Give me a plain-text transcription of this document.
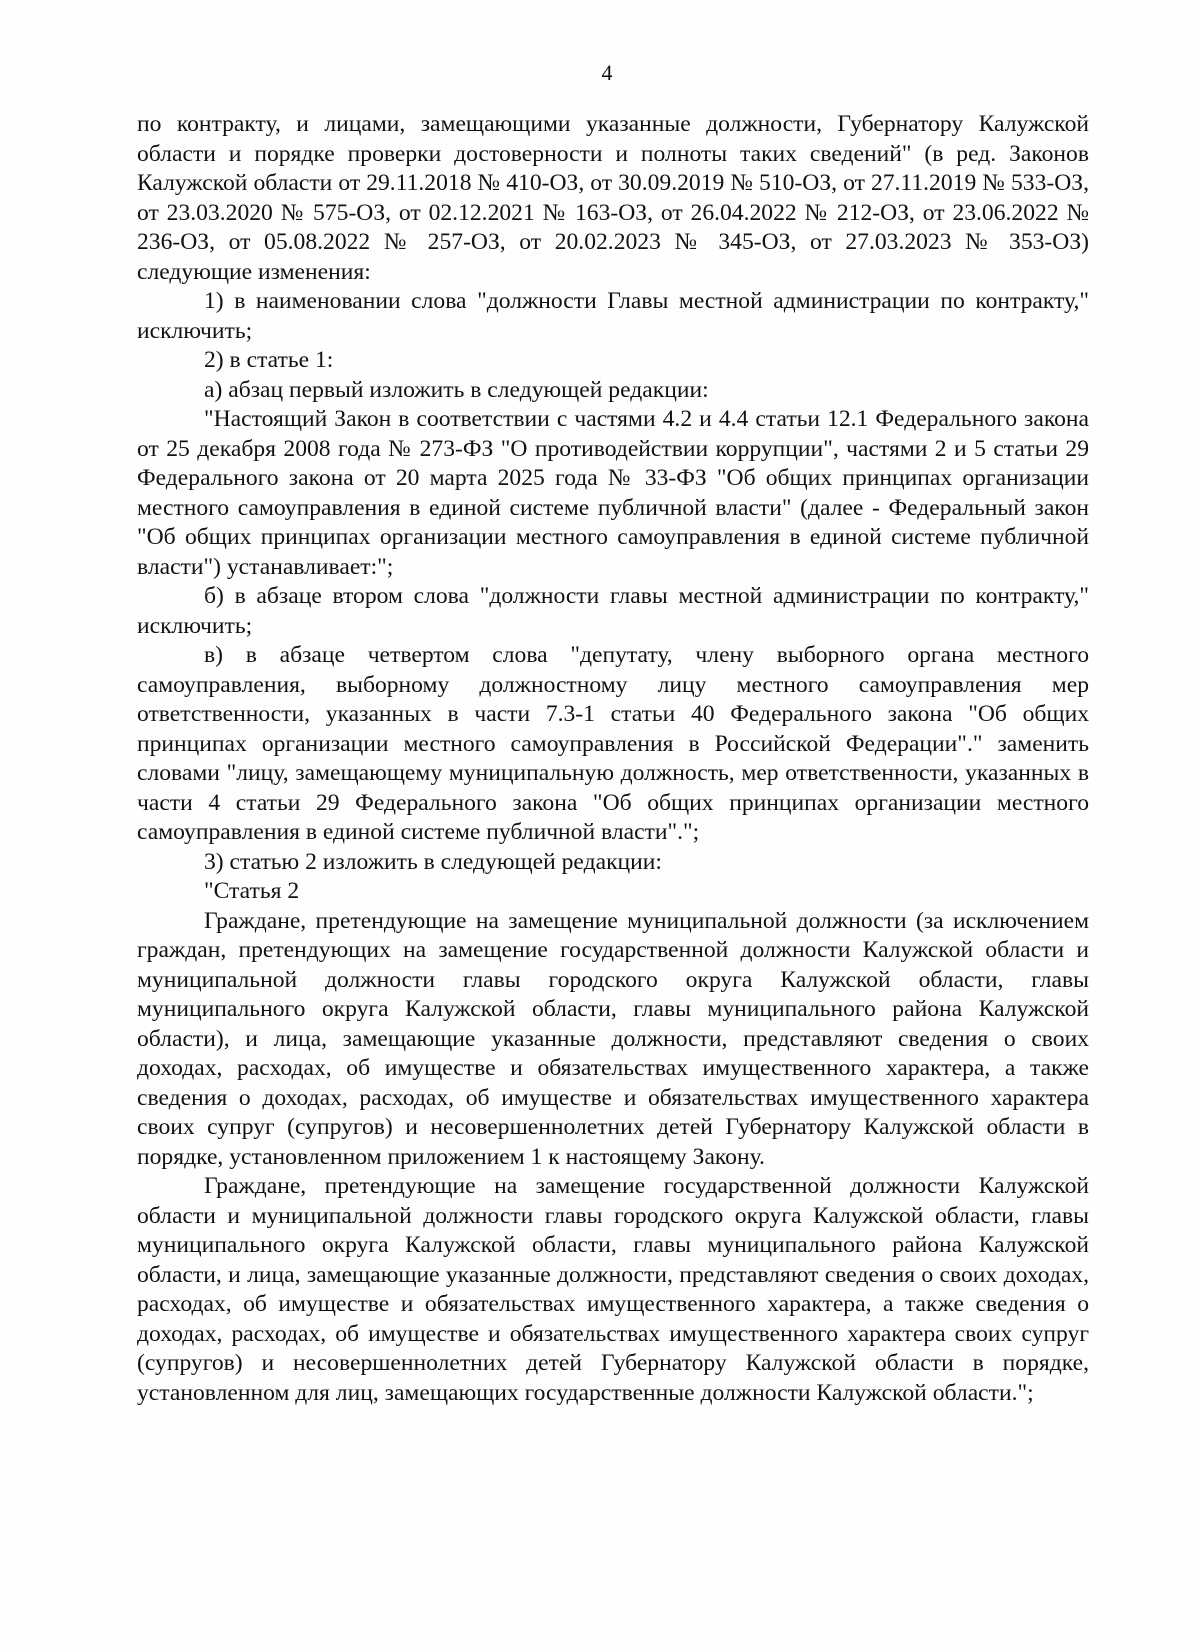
4

по контракту, и лицами, замещающими указанные должности, Губернатору Калужской области и порядке проверки достоверности и полноты таких сведений" (в ред. Законов Калужской области от 29.11.2018 № 410-ОЗ, от 30.09.2019 № 510-ОЗ, от 27.11.2019 № 533-ОЗ, от 23.03.2020 № 575-ОЗ, от 02.12.2021 № 163-ОЗ, от 26.04.2022 № 212-ОЗ, от 23.06.2022 № 236-ОЗ, от 05.08.2022 № 257-ОЗ, от 20.02.2023 № 345-ОЗ, от 27.03.2023 № 353-ОЗ) следующие изменения:

1) в наименовании слова "должности Главы местной администрации по контракту," исключить;

2) в статье 1:

а) абзац первый изложить в следующей редакции:

"Настоящий Закон в соответствии с частями 4.2 и 4.4 статьи 12.1 Федерального закона от 25 декабря 2008 года № 273-ФЗ "О противодействии коррупции", частями 2 и 5 статьи 29 Федерального закона от 20 марта 2025 года № 33-ФЗ "Об общих принципах организации местного самоуправления в единой системе публичной власти" (далее - Федеральный закон "Об общих принципах организации местного самоуправления в единой системе публичной власти") устанавливает:";

б) в абзаце втором слова "должности главы местной администрации по контракту," исключить;

в) в абзаце четвертом слова "депутату, члену выборного органа местного самоуправления, выборному должностному лицу местного самоуправления мер ответственности, указанных в части 7.3-1 статьи 40 Федерального закона "Об общих принципах организации местного самоуправления в Российской Федерации"." заменить словами "лицу, замещающему муниципальную должность, мер ответственности, указанных в части 4 статьи 29 Федерального закона "Об общих принципах организации местного самоуправления в единой системе публичной власти".";

3) статью 2 изложить в следующей редакции:

"Статья 2

Граждане, претендующие на замещение муниципальной должности (за исключением граждан, претендующих на замещение государственной должности Калужской области и муниципальной должности главы городского округа Калужской области, главы муниципального округа Калужской области, главы муниципального района Калужской области), и лица, замещающие указанные должности, представляют сведения о своих доходах, расходах, об имуществе и обязательствах имущественного характера, а также сведения о доходах, расходах, об имуществе и обязательствах имущественного характера своих супруг (супругов) и несовершеннолетних детей Губернатору Калужской области в порядке, установленном приложением 1 к настоящему Закону.

Граждане, претендующие на замещение государственной должности Калужской области и муниципальной должности главы городского округа Калужской области, главы муниципального округа Калужской области, главы муниципального района Калужской области, и лица, замещающие указанные должности, представляют сведения о своих доходах, расходах, об имуществе и обязательствах имущественного характера, а также сведения о доходах, расходах, об имуществе и обязательствах имущественного характера своих супруг (супругов) и несовершеннолетних детей Губернатору Калужской области в порядке, установленном для лиц, замещающих государственные должности Калужской области.";
